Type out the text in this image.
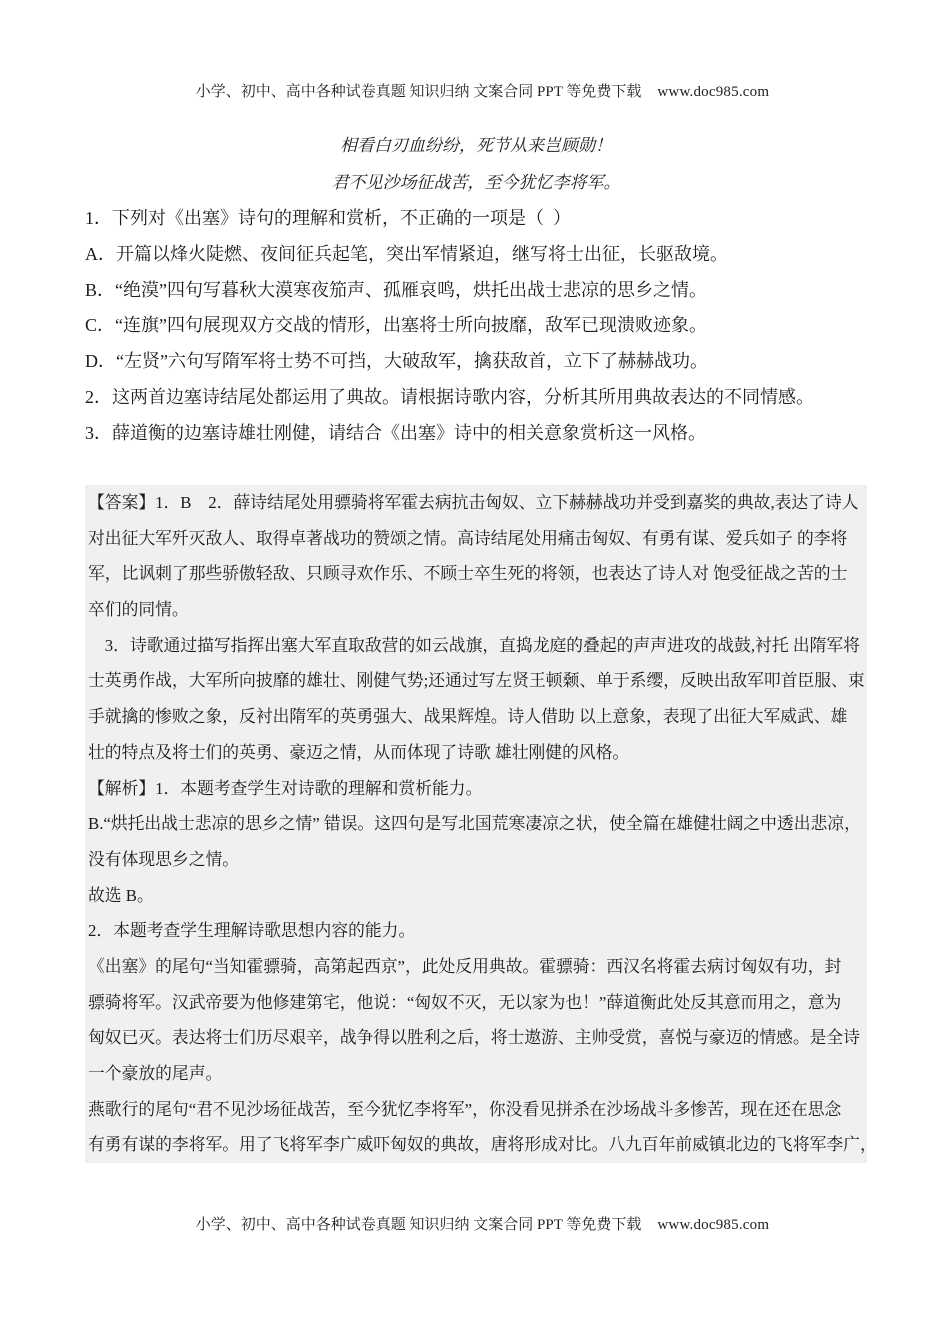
小学、初中、高中各种试卷真题 知识归纳 文案合同 PPT 等免费下载 www.doc985.com

相看白刃血纷纷，死节从来岂顾勋！
君不见沙场征战苦，至今犹忆李将军。
1．下列对《出塞》诗句的理解和赏析，不正确的一项是（  ）
A．开篇以烽火陡燃、夜间征兵起笔，突出军情紧迫，继写将士出征，长驱敌境。
B．“绝漠”四句写暮秋大漠寒夜笳声、孤雁哀鸣，烘托出战士悲凉的思乡之情。
C．“连旗”四句展现双方交战的情形，出塞将士所向披靡，敌军已现溃败迹象。
D．“左贤”六句写隋军将士势不可挡，大破敌军，擒获敌首，立下了赫赫战功。
2．这两首边塞诗结尾处都运用了典故。请根据诗歌内容，分析其所用典故表达的不同情感。
3．薛道衡的边塞诗雄壮刚健，请结合《出塞》诗中的相关意象赏析这一风格。
【答案】1．B　2．薛诗结尾处用骠骑将军霍去病抗击匈奴、立下赫赫战功并受到嘉奖的典故,表达了诗人
对出征大军歼灭敌人、取得卓著战功的赞颂之情。高诗结尾处用痛击匈奴、有勇有谋、爱兵如子 的李将
军，比讽刺了那些骄傲轻敌、只顾寻欢作乐、不顾士卒生死的将领，也表达了诗人对 饱受征战之苦的士
卒们的同情。
　3．诗歌通过描写指挥出塞大军直取敌营的如云战旗，直捣龙庭的叠起的声声进攻的战鼓,衬托 出隋军将
士英勇作战，大军所向披靡的雄壮、刚健气势;还通过写左贤王顿颡、单于系缨，反映出敌军叩首臣服、束
手就擒的惨败之象，反衬出隋军的英勇强大、战果辉煌。诗人借助 以上意象，表现了出征大军威武、雄
壮的特点及将士们的英勇、豪迈之情，从而体现了诗歌 雄壮刚健的风格。
【解析】1．本题考查学生对诗歌的理解和赏析能力。
B.“烘托出战士悲凉的思乡之情” 错误。这四句是写北国荒寒凄凉之状，使全篇在雄健壮阔之中透出悲凉，
没有体现思乡之情。
故选 B。
2．本题考查学生理解诗歌思想内容的能力。
《出塞》的尾句“当知霍骠骑，高第起西京”，此处反用典故。霍骠骑：西汉名将霍去病讨匈奴有功，封
骠骑将军。汉武帝要为他修建第宅，他说：“匈奴不灭，无以家为也！”薛道衡此处反其意而用之，意为
匈奴已灭。表达将士们历尽艰辛，战争得以胜利之后，将士遨游、主帅受赏，喜悦与豪迈的情感。是全诗
一个豪放的尾声。
燕歌行的尾句“君不见沙场征战苦，至今犹忆李将军”，你没看见拼杀在沙场战斗多惨苦，现在还在思念
有勇有谋的李将军。用了飞将军李广威吓匈奴的典故，唐将形成对比。八九百年前威镇北边的飞将军李广，

小学、初中、高中各种试卷真题 知识归纳 文案合同 PPT 等免费下载 www.doc985.com
